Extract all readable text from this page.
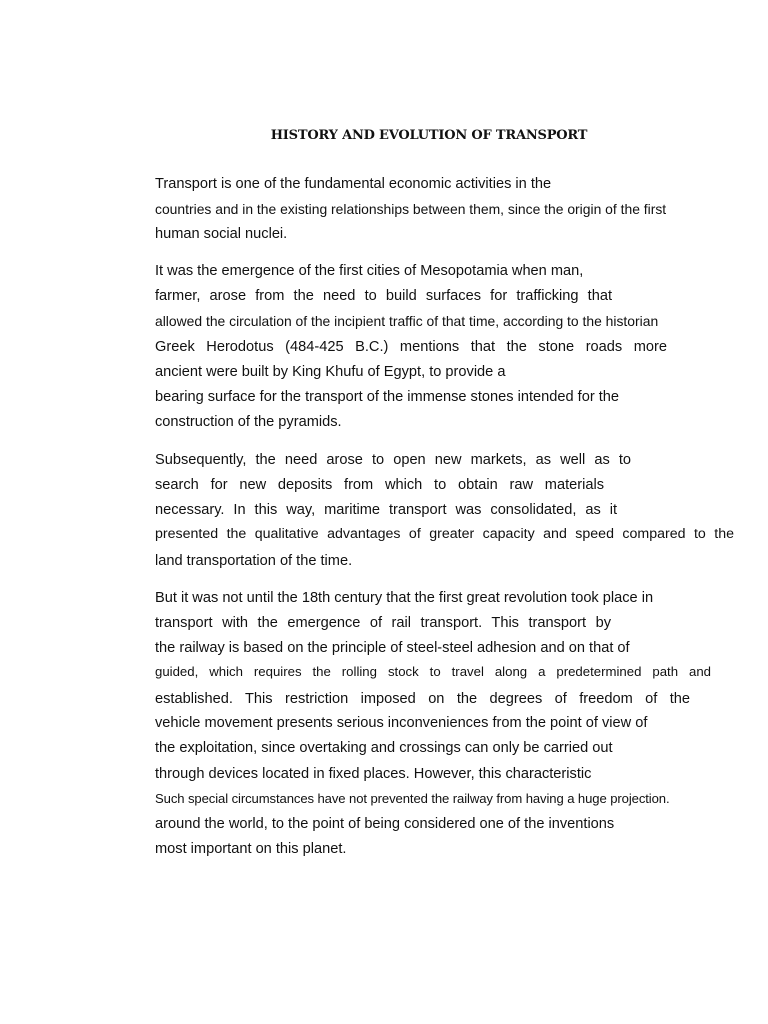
HISTORY AND EVOLUTION OF TRANSPORT
Transport is one of the fundamental economic activities in the
countries and in the existing relationships between them, since the origin of the first
human social nuclei.
It was the emergence of the first cities of Mesopotamia when man,
farmer, arose from the need to build surfaces for trafficking that
allowed the circulation of the incipient traffic of that time, according to the historian
Greek Herodotus (484-425 B.C.) mentions that the stone roads more
ancient were built by King Khufu of Egypt, to provide a
bearing surface for the transport of the immense stones intended for the
construction of the pyramids.
Subsequently, the need arose to open new markets, as well as to
search for new deposits from which to obtain raw materials
necessary. In this way, maritime transport was consolidated, as it
presented the qualitative advantages of greater capacity and speed compared to the
land transportation of the time.
But it was not until the 18th century that the first great revolution took place in
transport with the emergence of rail transport. This transport by
the railway is based on the principle of steel-steel adhesion and on that of
guided, which requires the rolling stock to travel along a predetermined path and
established. This restriction imposed on the degrees of freedom of the
vehicle movement presents serious inconveniences from the point of view of
the exploitation, since overtaking and crossings can only be carried out
through devices located in fixed places. However, this characteristic
Such special circumstances have not prevented the railway from having a huge projection.
around the world, to the point of being considered one of the inventions
most important on this planet.
